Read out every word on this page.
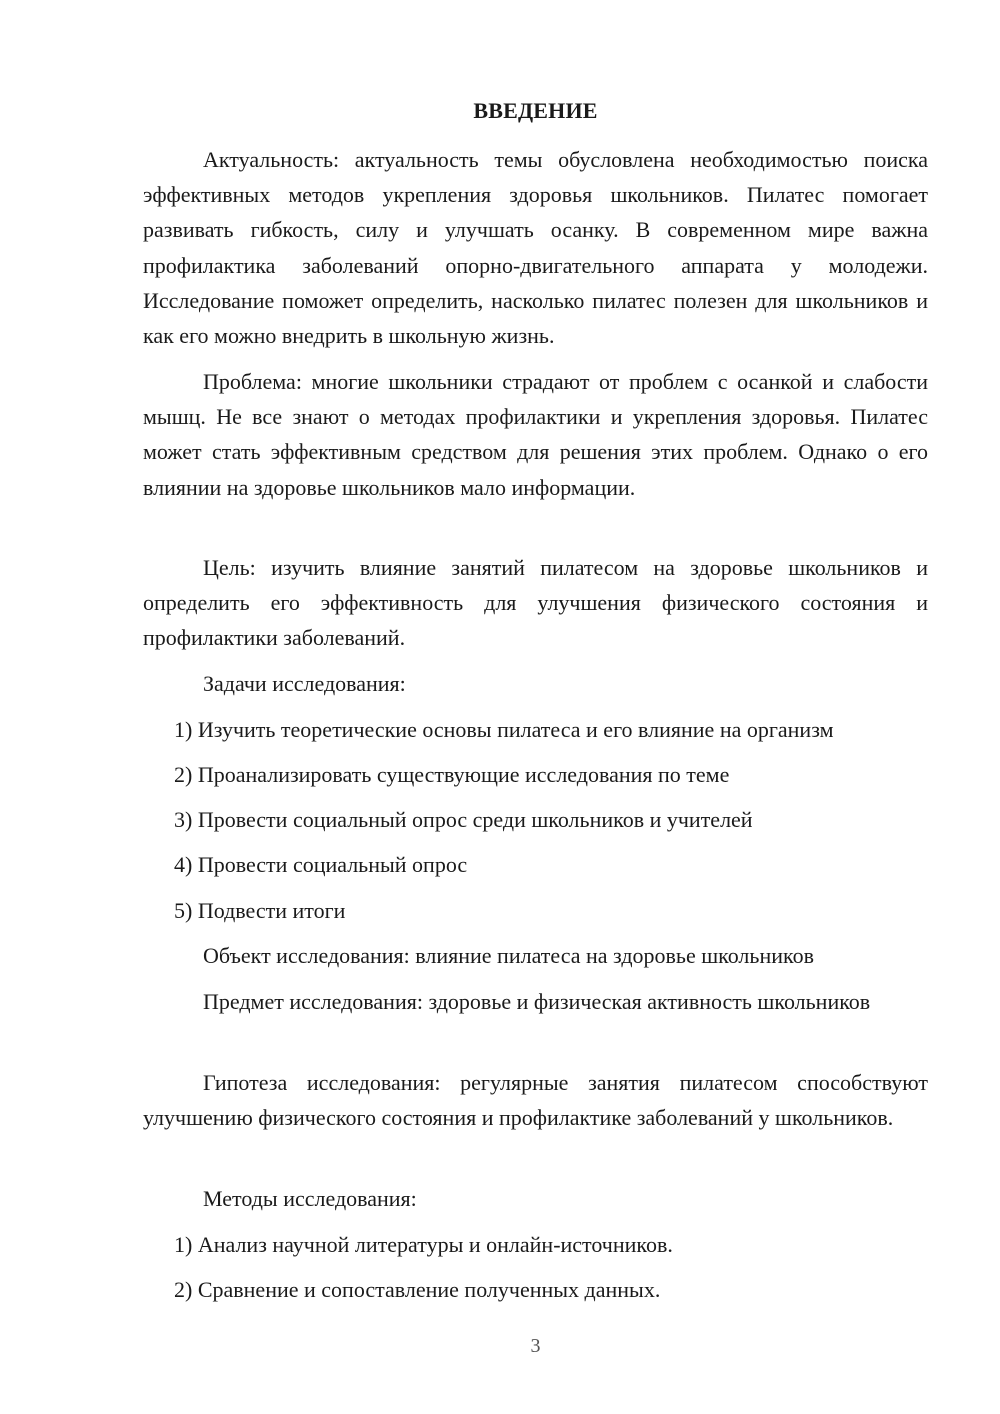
ВВЕДЕНИЕ

Актуальность: актуальность темы обусловлена необходимостью поиска эффективных методов укрепления здоровья школьников. Пилатес помогает развивать гибкость, силу и улучшать осанку. В современном мире важна профилактика заболеваний опорно-двигательного аппарата у молодежи. Исследование поможет определить, насколько пилатес полезен для школьников и как его можно внедрить в школьную жизнь.

Проблема: многие школьники страдают от проблем с осанкой и слабости мышц. Не все знают о методах профилактики и укрепления здоровья. Пилатес может стать эффективным средством для решения этих проблем. Однако о его влиянии на здоровье школьников мало информации.

Цель: изучить влияние занятий пилатесом на здоровье школьников и определить его эффективность для улучшения физического состояния и профилактики заболеваний.

Задачи исследования:

1) Изучить теоретические основы пилатеса и его влияние на организм
2) Проанализировать существующие исследования по теме
3) Провести социальный опрос среди школьников и учителей
4) Провести социальный опрос
5) Подвести итоги

Объект исследования: влияние пилатеса на здоровье школьников

Предмет исследования: здоровье и физическая активность школьников

Гипотеза исследования: регулярные занятия пилатесом способствуют улучшению физического состояния и профилактике заболеваний у школьников.

Методы исследования:

1) Анализ научной литературы и онлайн-источников.
2) Сравнение и сопоставление полученных данных.
3
